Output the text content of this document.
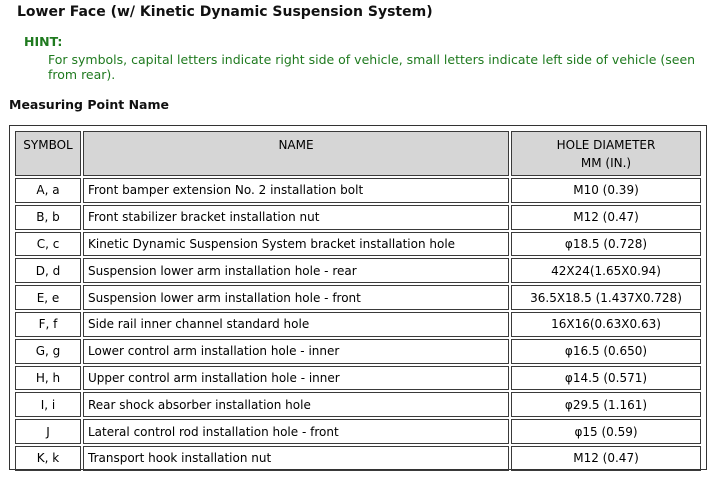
Lower Face (w/ Kinetic Dynamic Suspension System)
HINT:
For symbols, capital letters indicate right side of vehicle, small letters indicate left side of vehicle (seen from rear).
Measuring Point Name
SYMBOL	NAME	HOLE DIAMETER
MM (IN.)

A, a	Front bamper extension No. 2 installation bolt	M10 (0.39)
B, b	Front stabilizer bracket installation nut	M12 (0.47)
C, c	Kinetic Dynamic Suspension System bracket installation hole	φ18.5 (0.728)
D, d	Suspension lower arm installation hole - rear	42X24(1.65X0.94)
E, e	Suspension lower arm installation hole - front	36.5X18.5 (1.437X0.728)
F, f	Side rail inner channel standard hole	16X16(0.63X0.63)
G, g	Lower control arm installation hole - inner	φ16.5 (0.650)
H, h	Upper control arm installation hole - inner	φ14.5 (0.571)
I, i	Rear shock absorber installation hole	φ29.5 (1.161)
J	Lateral control rod installation hole - front	φ15 (0.59)
K, k	Transport hook installation nut	M12 (0.47)
